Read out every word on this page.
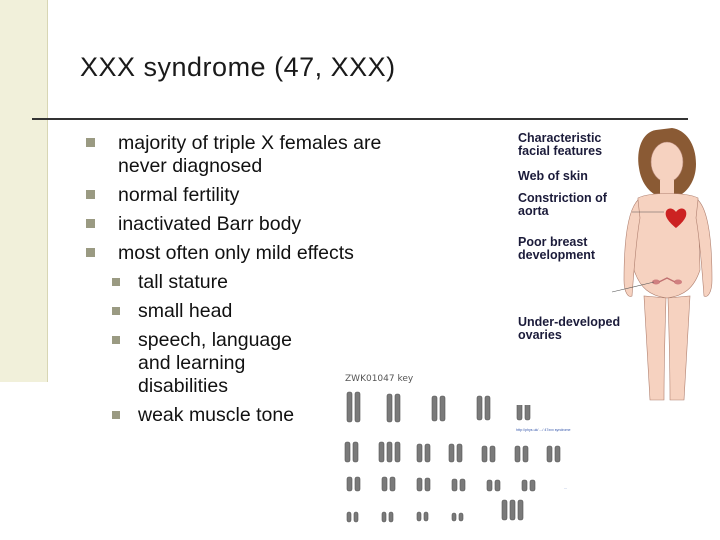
XXX syndrome (47, XXX)
majority of triple X females are never diagnosed
normal fertility
inactivated Barr body
most often only mild effects
tall stature
small head
speech, language and learning disabilities
weak muscle tone
ZWK01047 key
Characteristic facial features
Web of skin
Constriction of aorta
Poor breast development
Under-developed ovaries
http://phys.uk/ .../ 47xxx syndrome
...
